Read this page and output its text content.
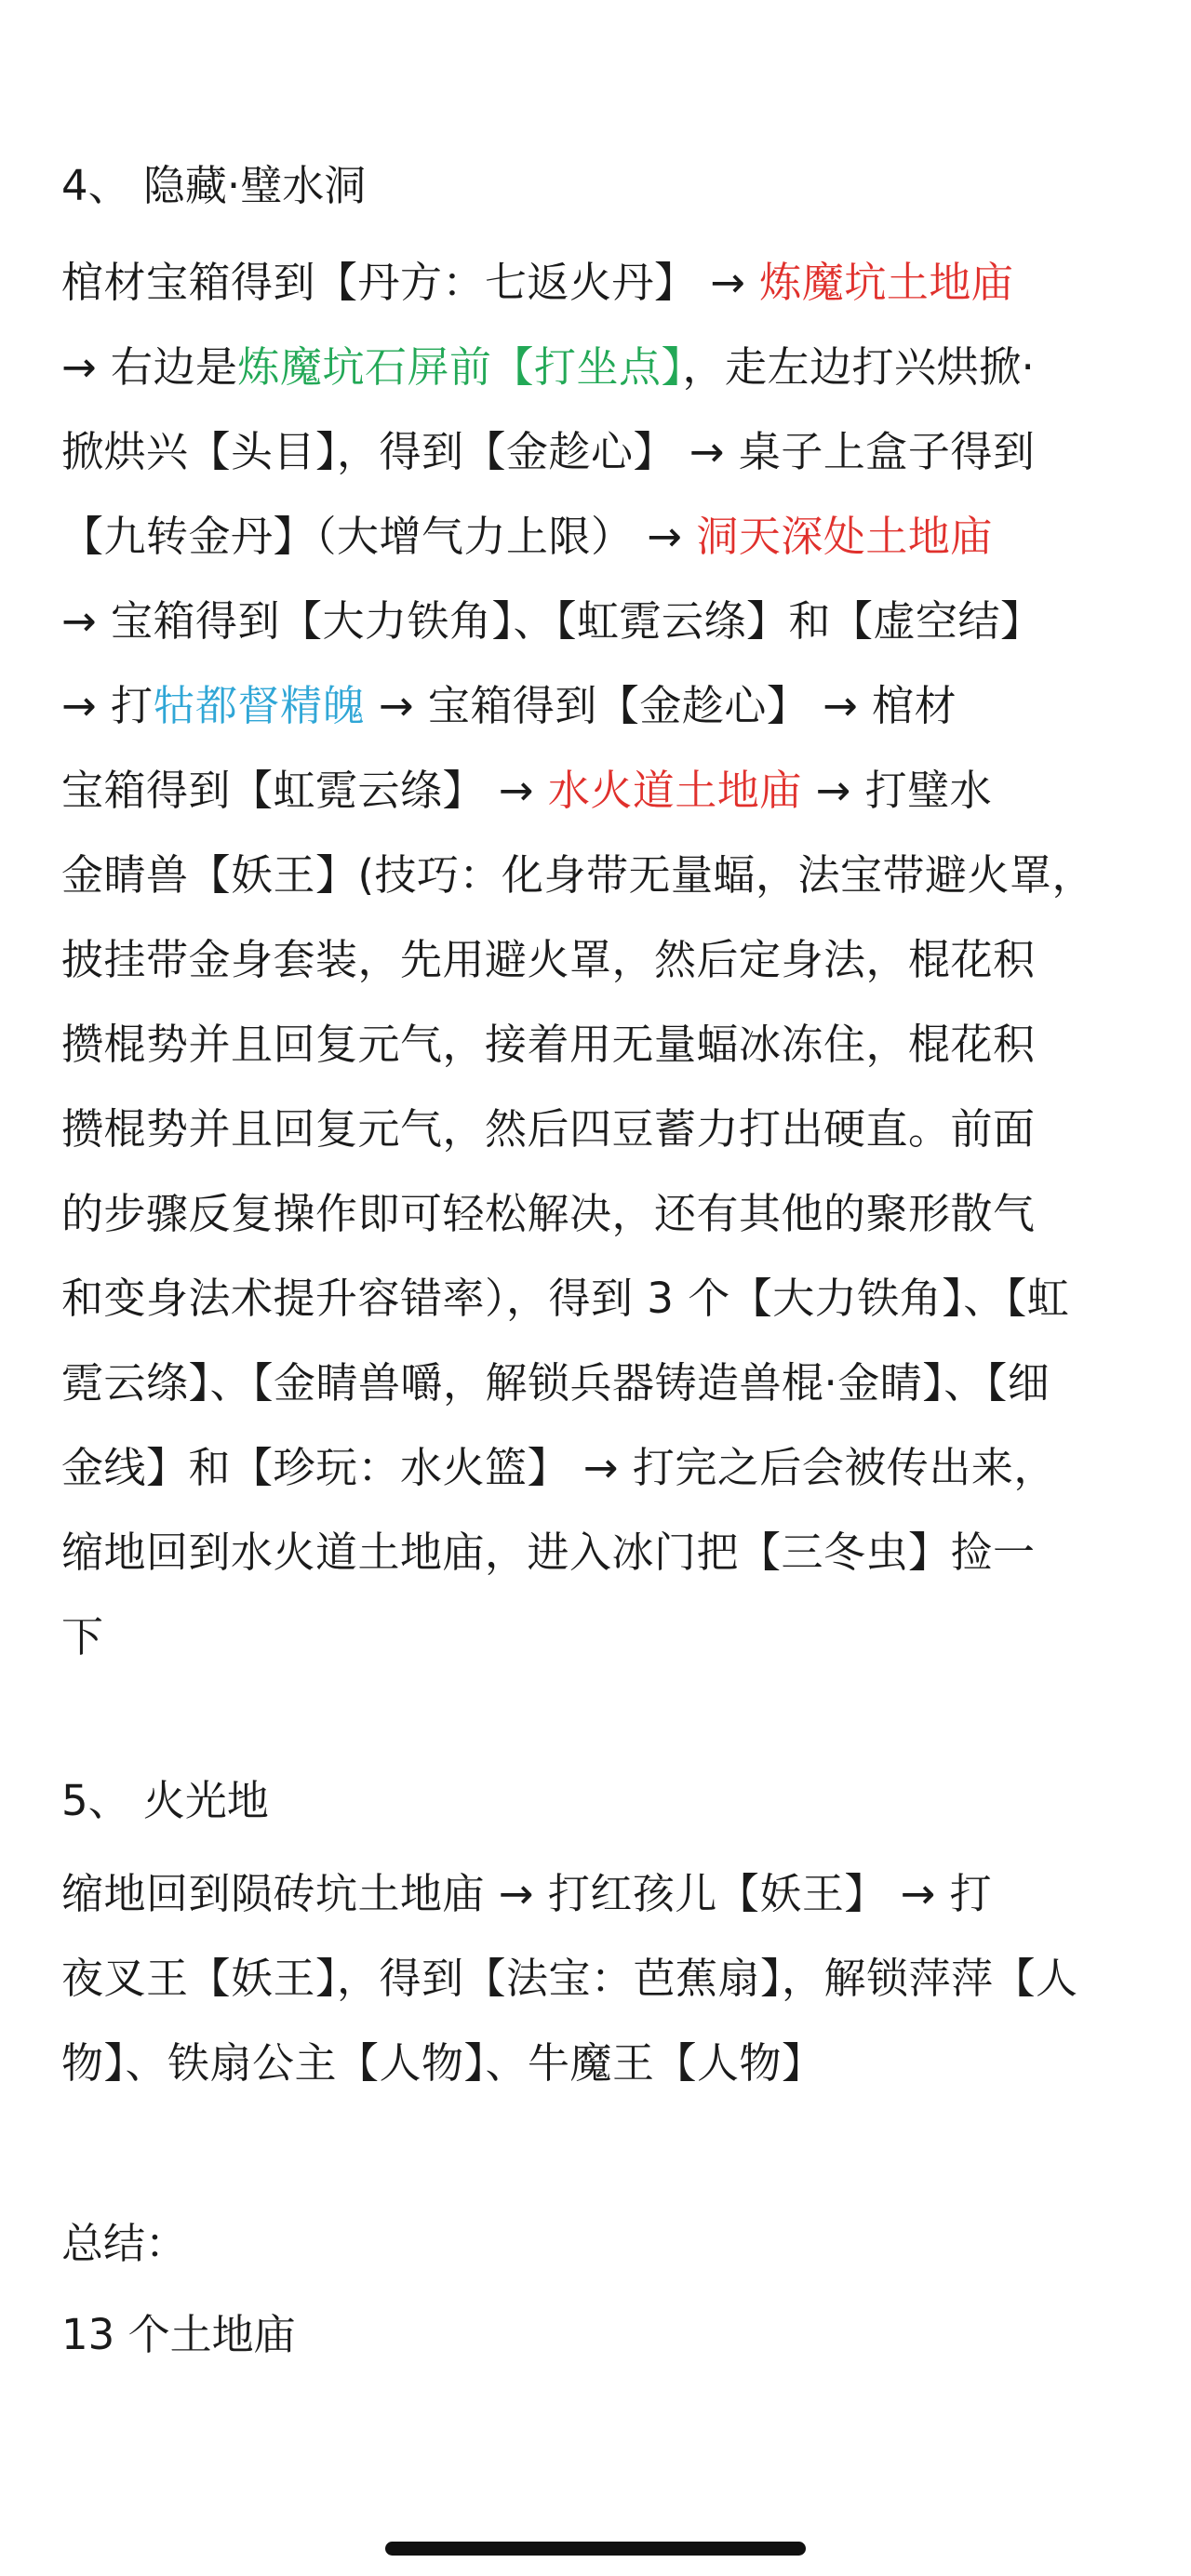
4、 隐藏·璧水洞
棺材宝箱得到【丹方：七返火丹】 → 炼魔坑土地庙
→ 右边是炼魔坑石屏前【打坐点】，走左边打兴烘掀·
掀烘兴【头目】，得到【金趁心】 → 桌子上盒子得到
【九转金丹】（大增气力上限） → 洞天深处土地庙
→ 宝箱得到【大力铁角】、【虹霓云绦】和【虚空结】
→ 打牯都督精魄 → 宝箱得到【金趁心】 → 棺材
宝箱得到【虹霓云绦】 → 水火道土地庙 → 打璧水
金睛兽【妖王】(技巧：化身带无量蝠，法宝带避火罩，
披挂带金身套装，先用避火罩，然后定身法，棍花积
攒棍势并且回复元气，接着用无量蝠冰冻住，棍花积
攒棍势并且回复元气，然后四豆蓄力打出硬直。前面
的步骤反复操作即可轻松解决，还有其他的聚形散气
和变身法术提升容错率），得到 3 个【大力铁角】、【虹
霓云绦】、【金睛兽嚼，解锁兵器铸造兽棍·金睛】、【细
金线】和【珍玩：水火篮】 → 打完之后会被传出来，
缩地回到水火道土地庙，进入冰门把【三冬虫】捡一
下
5、 火光地
缩地回到陨砖坑土地庙 → 打红孩儿【妖王】 → 打
夜叉王【妖王】，得到【法宝：芭蕉扇】，解锁萍萍【人
物】、铁扇公主【人物】、牛魔王【人物】
总结：
13 个土地庙
